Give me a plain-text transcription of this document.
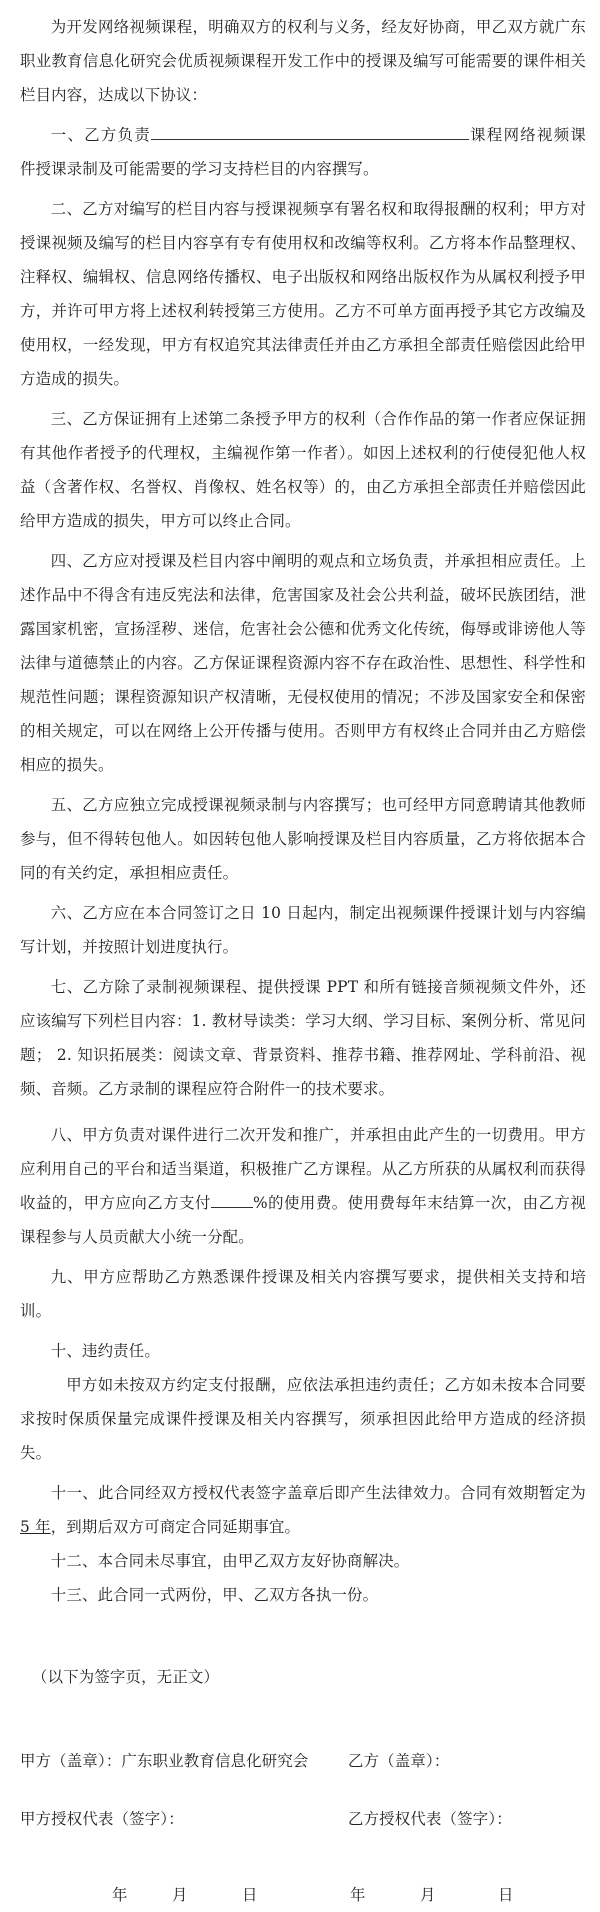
为开发网络视频课程，明确双方的权利与义务，经友好协商，甲乙双方就广东职业教育信息化研究会优质视频课程开发工作中的授课及编写可能需要的课件相关栏目内容，达成以下协议：

一、乙方负责	课程网络视频课件授课录制及可能需要的学习支持栏目的内容撰写。

二、乙方对编写的栏目内容与授课视频享有署名权和取得报酬的权利；甲方对授课视频及编写的栏目内容享有专有使用权和改编等权利。乙方将本作品整理权、注释权、编辑权、信息网络传播权、电子出版权和网络出版权作为从属权利授予甲方，并许可甲方将上述权利转授第三方使用。乙方不可单方面再授予其它方改编及使用权，一经发现，甲方有权追究其法律责任并由乙方承担全部责任赔偿因此给甲方造成的损失。

三、乙方保证拥有上述第二条授予甲方的权利（合作作品的第一作者应保证拥有其他作者授予的代理权，主编视作第一作者）。如因上述权利的行使侵犯他人权益（含著作权、名誉权、肖像权、姓名权等）的，由乙方承担全部责任并赔偿因此给甲方造成的损失，甲方可以终止合同。

四、乙方应对授课及栏目内容中阐明的观点和立场负责，并承担相应责任。上述作品中不得含有违反宪法和法律，危害国家及社会公共利益，破坏民族团结，泄露国家机密，宣扬淫秽、迷信，危害社会公德和优秀文化传统，侮辱或诽谤他人等法律与道德禁止的内容。乙方保证课程资源内容不存在政治性、思想性、科学性和规范性问题；课程资源知识产权清晰，无侵权使用的情况；不涉及国家安全和保密的相关规定，可以在网络上公开传播与使用。否则甲方有权终止合同并由乙方赔偿相应的损失。

五、乙方应独立完成授课视频录制与内容撰写；也可经甲方同意聘请其他教师参与，但不得转包他人。如因转包他人影响授课及栏目内容质量，乙方将依据本合同的有关约定，承担相应责任。

六、乙方应在本合同签订之日 10 日起内，制定出视频课件授课计划与内容编写计划，并按照计划进度执行。

七、乙方除了录制视频课程、提供授课 PPT 和所有链接音频视频文件外，还应该编写下列栏目内容：1. 教材导读类：学习大纲、学习目标、案例分析、常见问题； 2. 知识拓展类：阅读文章、背景资料、推荐书籍、推荐网址、学科前沿、视频、音频。乙方录制的课程应符合附件一的技术要求。

八、甲方负责对课件进行二次开发和推广，并承担由此产生的一切费用。甲方应利用自己的平台和适当渠道，积极推广乙方课程。从乙方所获的从属权利而获得收益的，甲方应向乙方支付	%的使用费。使用费每年末结算一次，由乙方视课程参与人员贡献大小统一分配。

九、甲方应帮助乙方熟悉课件授课及相关内容撰写要求，提供相关支持和培训。

十、违约责任。

甲方如未按双方约定支付报酬，应依法承担违约责任；乙方如未按本合同要求按时保质保量完成课件授课及相关内容撰写，须承担因此给甲方造成的经济损失。

十一、此合同经双方授权代表签字盖章后即产生法律效力。合同有效期暂定为 5 年，到期后双方可商定合同延期事宜。

十二、本合同未尽事宜，由甲乙双方友好协商解决。

十三、此合同一式两份，甲、乙双方各执一份。

（以下为签字页，无正文）

甲方（盖章）：广东职业教育信息化研究会	乙方（盖章）：
甲方授权代表（签字）：	乙方授权代表（签字）：
年	月	日	年	月	日
